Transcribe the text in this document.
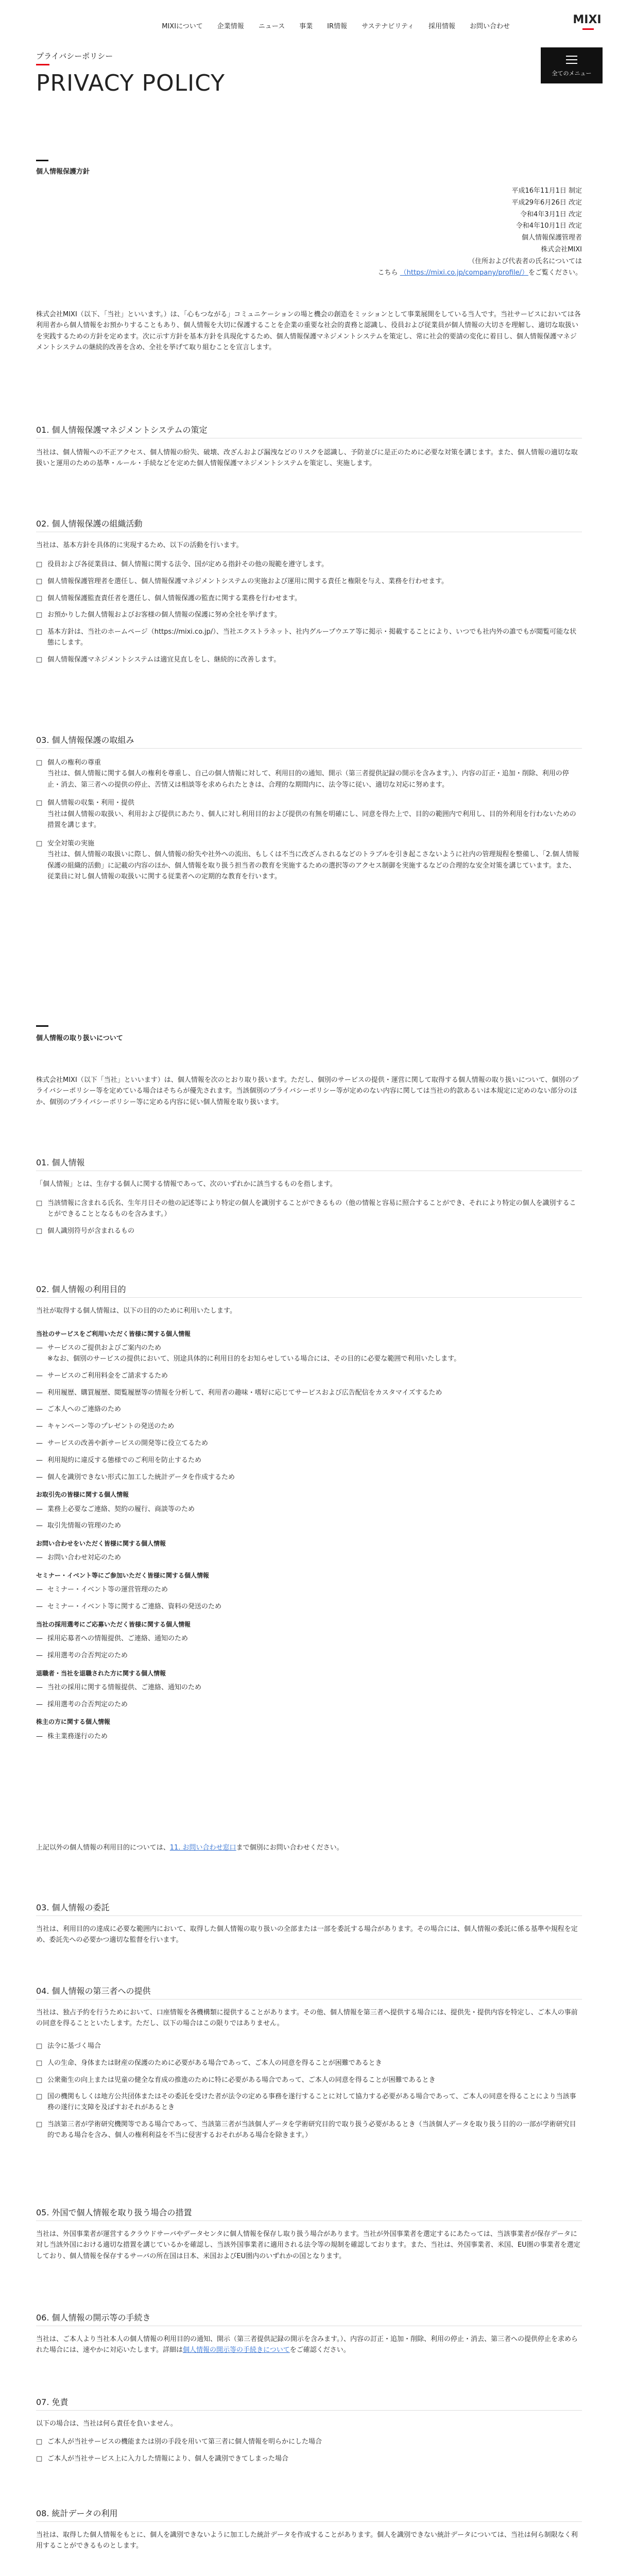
MIXIについて 企業情報 ニュース 事業 IR情報 サステナビリティ 採用情報 お問い合わせ
MIXI
全てのメニュー
プライバシーポリシー
PRIVACY POLICY
個人情報保護方針
平成16年11月1日 制定
平成29年6月26日 改定
令和4年3月1日 改定
令和4年10月1日 改定
個人情報保護管理者
株式会社MIXI
（住所および代表者の氏名については
こちら （https://mixi.co.jp/company/profile/）をご覧ください。
株式会社MIXI（以下、「当社」といいます。）は、「心もつながる」コミュニケーションの場と機会の創造をミッションとして事業展開をしている当人です。当社サービスにおいては各利用者から個人情報をお預かりすることもあり、個人情報を大切に保護することを企業の重要な社会的責務と認識し、役員および従業員が個人情報の大切さを理解し、適切な取扱いを実践するための方針を定めます。次に示す方針を基本方針を具現化するため、個人情報保護マネジメントシステムを策定し、常に社会的要請の変化に着目し、個人情報保護マネジメントシステムの継続的改善を含め、全社を挙げて取り組むことを宣言します。
01. 個人情報保護マネジメントシステムの策定
当社は、個人情報への不正アクセス、個人情報の紛失、破壊、改ざんおよび漏洩などのリスクを認識し、予防並びに是正のために必要な対策を講じます。また、個人情報の適切な取扱いと運用のための基準・ルール・手続などを定めた個人情報保護マネジメントシステムを策定し、実施します。
02. 個人情報保護の組織活動
当社は、基本方針を具体的に実現するため、以下の活動を行います。
□ 役員および各従業員は、個人情報に関する法令、国が定める指針その他の規範を遵守します。
□ 個人情報保護管理者を選任し、個人情報保護マネジメントシステムの実施および運用に関する責任と権限を与え、業務を行わせます。
□ 個人情報保護監査責任者を選任し、個人情報保護の監査に関する業務を行わせます。
□ お預かりした個人情報およびお客様の個人情報の保護に努め全社を挙げます。
□ 基本方針は、当社のホームページ（https://mixi.co.jp/）、当社エクストラネット、社内グループウエア等に掲示・掲載することにより、いつでも社内外の誰でもが閲覧可能な状態にします。
□ 個人情報保護マネジメントシステムは適宜見直しをし、継続的に改善します。
03. 個人情報保護の取組み
□ 個人の権利の尊重
当社は、個人情報に関する個人の権利を尊重し、自己の個人情報に対して、利用目的の通知、開示（第三者提供記録の開示を含みます。）、内容の訂正・追加・削除、利用の停止・消去、第三者への提供の停止、苦情又は相談等を求められたときは、合理的な期間内に、法令等に従い、適切な対応に努めます。
□ 個人情報の収集・利用・提供
当社は個人情報の取扱い、利用および提供にあたり、個人に対し利用目的および提供の有無を明確にし、同意を得た上で、目的の範囲内で利用し、目的外利用を行わないための措置を講じます。
□ 安全対策の実施
当社は、個人情報の取扱いに際し、個人情報の紛失や社外への流出、もしくは不当に改ざんされるなどのトラブルを引き起こさないように社内の管理規程を整備し、「2.個人情報保護の組織的活動」に記載の内容のほか、個人情報を取り扱う担当者の教育を実施するための選択等のアクセス制御を実施するなどの合理的な安全対策を講じています。また、従業員に対し個人情報の取扱いに関する従業者への定期的な教育を行います。
個人情報の取り扱いについて
株式会社MIXI（以下「当社」といいます）は、個人情報を次のとおり取り扱います。ただし、個別のサービスの提供・運営に関して取得する個人情報の取り扱いについて、個別のプライバシーポリシー等を定めている場合はそちらが優先されます。当該個別のプライバシーポリシー等が定めのない内容に関しては当社の約款あるいは本規定に定めのない部分のほか、個別のプライバシーポリシー等に定める内容に従い個人情報を取り扱います。
01. 個人情報
「個人情報」とは、生存する個人に関する情報であって、次のいずれかに該当するものを指します。
□ 当該情報に含まれる氏名、生年月日その他の記述等により特定の個人を識別することができるもの（他の情報と容易に照合することができ、それにより特定の個人を識別することができることとなるものを含みます。）
□ 個人識別符号が含まれるもの
02. 個人情報の利用目的
当社が取得する個人情報は、以下の目的のために利用いたします。
当社のサービスをご利用いただく皆様に関する個人情報
— サービスのご提供およびご案内のため
※なお、個別のサービスの提供において、別途具体的に利用目的をお知らせしている場合には、その目的に必要な範囲で利用いたします。
— サービスのご利用料金をご請求するため
— 利用履歴、購買履歴、閲覧履歴等の情報を分析して、利用者の趣味・嗜好に応じてサービスおよび広告配信をカスタマイズするため
— ご本人へのご連絡のため
— キャンペーン等のプレゼントの発送のため
— サービスの改善や新サービスの開発等に役立てるため
— 利用規約に違反する態様でのご利用を防止するため
— 個人を識別できない形式に加工した統計データを作成するため
お取引先の皆様に関する個人情報
— 業務上必要なご連絡、契約の履行、商談等のため
— 取引先情報の管理のため
お問い合わせをいただく皆様に関する個人情報
— お問い合わせ対応のため
セミナー・イベント等にご参加いただく皆様に関する個人情報
— セミナー・イベント等の運営管理のため
— セミナー・イベント等に関するご連絡、資料の発送のため
当社の採用選考にご応募いただく皆様に関する個人情報
— 採用応募者への情報提供、ご連絡、通知のため
— 採用選考の合否判定のため
退職者・当社を退職された方に関する個人情報
— 当社の採用に関する情報提供、ご連絡、通知のため
— 採用選考の合否判定のため
株主の方に関する個人情報
— 株主業務遂行のため
上記以外の個人情報の利用目的については、11. お問い合わせ窓口まで個別にお問い合わせください。
03. 個人情報の委託
当社は、利用目的の達成に必要な範囲内において、取得した個人情報の取り扱いの全部または一部を委託する場合があります。その場合には、個人情報の委託に係る基準や規程を定め、委託先への必要かつ適切な監督を行います。
04. 個人情報の第三者への提供
当社は、独占予約を行うためにおいて、口座情報を各機構類に提供することがあります。その他、個人情報を第三者へ提供する場合には、提供先・提供内容を特定し、ご本人の事前の同意を得ることといたします。ただし、以下の場合はこの限りではありません。
□ 法令に基づく場合
□ 人の生命、身体または財産の保護のために必要がある場合であって、ご本人の同意を得ることが困難であるとき
□ 公衆衛生の向上または児童の健全な育成の推進のために特に必要がある場合であって、ご本人の同意を得ることが困難であるとき
□ 国の機関もしくは地方公共団体またはその委託を受けた者が法令の定める事務を遂行することに対して協力する必要がある場合であって、ご本人の同意を得ることにより当該事務の遂行に支障を及ぼすおそれがあるとき
□ 当該第三者が学術研究機関等である場合であって、当該第三者が当該個人データを学術研究目的で取り扱う必要があるとき（当該個人データを取り扱う目的の一部が学術研究目的である場合を含み、個人の権利利益を不当に侵害するおそれがある場合を除きます。）
05. 外国で個人情報を取り扱う場合の措置
当社は、外国事業者が運営するクラウドサーバやデータセンタに個人情報を保存し取り扱う場合があります。当社が外国事業者を選定するにあたっては、当該事業者が保存データに対し当該外国における適切な措置を講じているかを確認し、当該外国事業者に適用される法令等の規制を確認しております。また、当社は、外国事業者、米国、EU圏の事業者を選定しており、個人情報を保存するサーバの所在国は日本、米国およびEU圏内のいずれかの国となります。
06. 個人情報の開示等の手続き
当社は、ご本人より当社本人の個人情報の利用目的の通知、開示（第三者提供記録の開示を含みます。）、内容の訂正・追加・削除、利用の停止・消去、第三者への提供停止を求められた場合には、速やかに対応いたします。詳細は個人情報の開示等の手続きについてをご確認ください。
07. 免責
以下の場合は、当社は何ら責任を負いません。
□ ご本人が当社サービスの機能または別の手段を用いて第三者に個人情報を明らかにした場合
□ ご本人が当社サービス上に入力した情報により、個人を識別できてしまった場合
08. 統計データの利用
当社は、取得した個人情報をもとに、個人を識別できないように加工した統計データを作成することがあります。個人を識別できない統計データについては、当社は何ら制限なく利用することができるものとします。
